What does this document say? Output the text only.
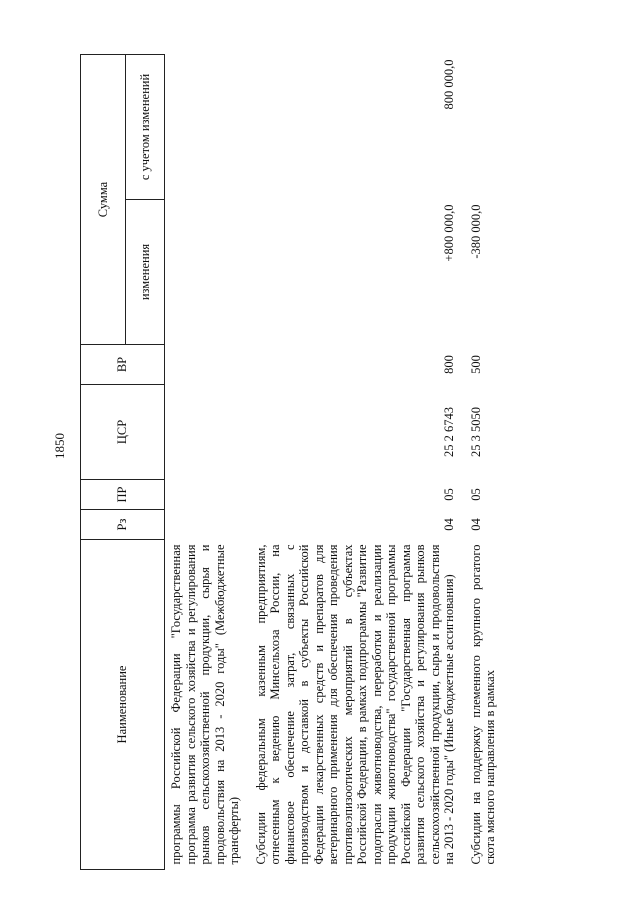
1850
Наименование	Рз	ПР	ЦСР	ВР	Сумма	
					изменения	с учетом изменений
программы Российской Федерации "Государственная программа развития сельского хозяйства и регулирования рынков сельскохозяйственной продукции, сырья и продовольствия на 2013 - 2020 годы" (Межбюджетные трансферты)						
Субсидии федеральным казенным предприятиям, отнесенным к ведению Минсельхоза России, на финансовое обеспечение затрат, связанных с производством и доставкой в субъекты Российской Федерации лекарственных средств и препаратов для ветеринарного применения для обеспечения проведения противоэпизоотических мероприятий в субъектах Российской Федерации, в рамках подпрограммы "Развитие подотрасли животноводства, переработки и реализации продукции животноводства" государственной программы Российской Федерации "Государственная программа развития сельского хозяйства и регулирования рынков сельскохозяйственной продукции, сырья и продовольствия на 2013 - 2020 годы" (Иные бюджетные ассигнования)	04	05	25 2 6743	800	+800 000,0	800 000,0
Субсидии на поддержку племенного крупного рогатого скота мясного направления в рамках	04	05	25 3 5050	500	-380 000,0	
